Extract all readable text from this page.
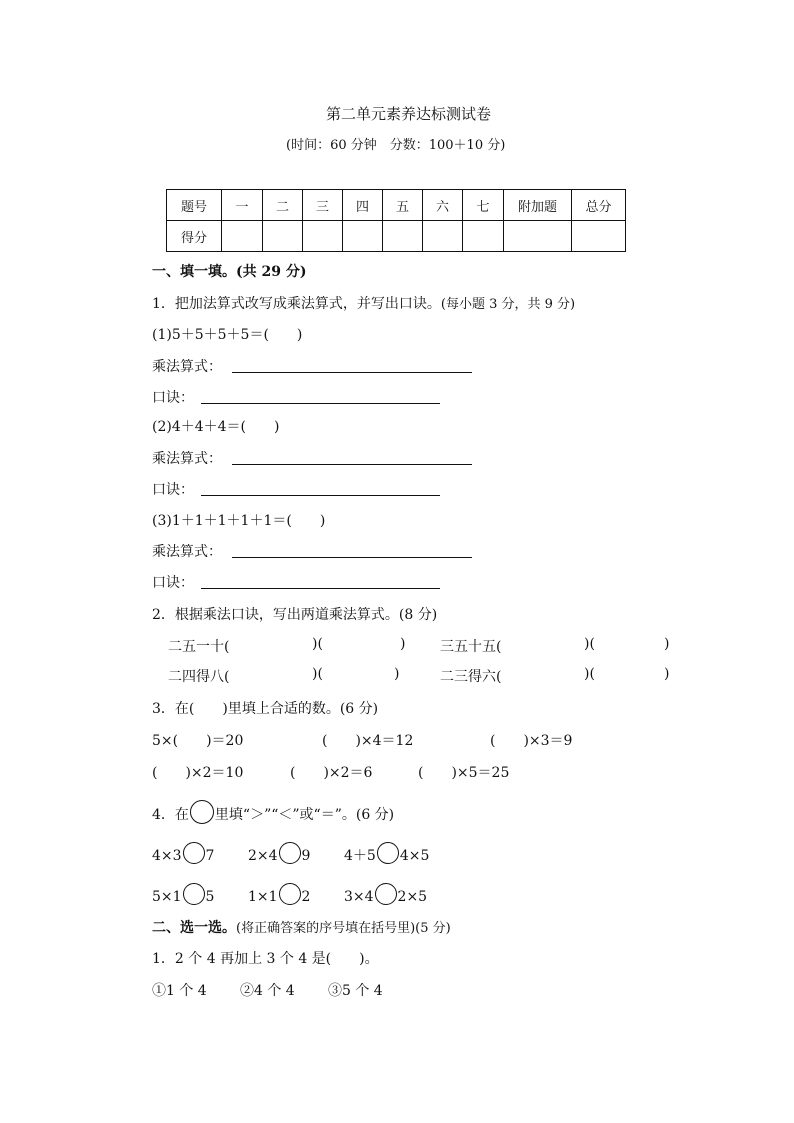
第二单元素养达标测试卷
(时间：60 分钟　分数：100＋10 分)
题号	一	二	三	四	五	六	七	附加题	总分
得分									
一、填一填。(共 29 分)
1．把加法算式改写成乘法算式，并写出口诀。(每小题 3 分，共 9 分)
(1)5＋5＋5＋5＝(　　)
乘法算式：
口诀：
(2)4＋4＋4＝(　　)
乘法算式：
口诀：
(3)1＋1＋1＋1＋1＝(　　)
乘法算式：
口诀：
2．根据乘法口诀，写出两道乘法算式。(8 分)
二五一十(	)(	) 三五十五(	)(	)
二四得八(	)(	)	二三得六(	)(	)
3．在(　　)里填上合适的数。(6 分)
5×(　　)＝20	(　　)×4＝12	(　　)×3＝9
(　　)×2＝10	(　　)×2＝6	(　　)×5＝25
4．在 里填“＞”“＜”或“＝”。(6 分)
4×3 7 2×4 9 4＋5 4×5
5×1 5 1×1 2 3×4 2×5
二、选一选。(将正确答案的序号填在括号里)(5 分)
1．2 个 4 再加上 3 个 4 是(　　)。
①1 个 4 ②4 个 4 ③5 个 4
